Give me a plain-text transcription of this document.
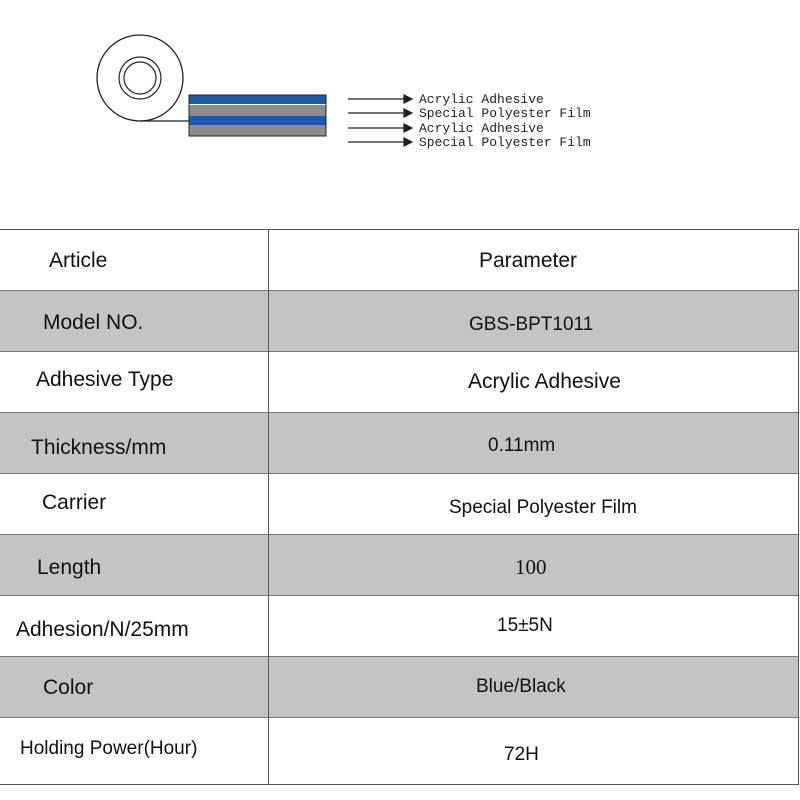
Acrylic Adhesive
Special Polyester Film
Acrylic Adhesive
Special Polyester Film
Article	Parameter
Model NO.	GBS-BPT1011
Adhesive Type	Acrylic Adhesive
Thickness/mm	0.11mm
Carrier	Special Polyester Film
Length	100
Adhesion/N/25mm	15±5N
Color	Blue/Black
Holding Power(Hour)	72H
